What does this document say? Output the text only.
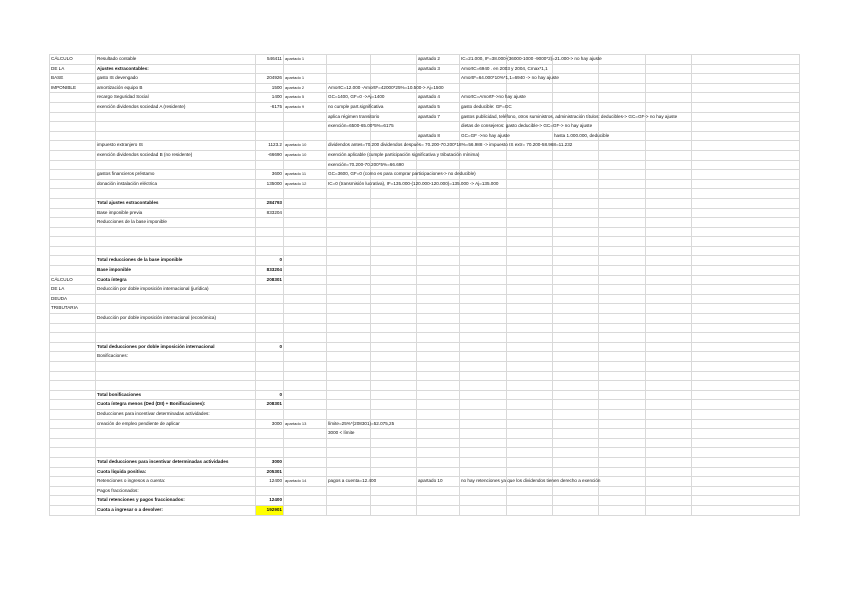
CÁLCULO	Resultado contable	546411	apartado 1			apartado 2	IC=21.000, IF=38.000-(36000-1000 -9000*2)=21.000-> no hay ajuste					
DE LA	Ajustes extracontables:					apartado 3	AmortC=6940 . en 2003 y 2004, Cmax*1,1					
BASE	gasto IS devengado	204926	apartado 1				AmortF=64.000*10%*1,1=6940 -> no hay ajuste					
IMPONIBLE	amortización equipo B	1500	apartado 2	AmortC=12.000 -AmortF=42000*25%=10.500-> Aj=1500								
	recargo Seguridad Social	1400	apartado 5	GC=1400, GF=0 ->Aj=1400		apartado 4	AmortC=AmortF->no hay ajuste					
	exención dividendos sociedad A (residente)	-6175	apartado 9	no cumple part.significativa		apartado 5	gasto deducible: GF=GC					
				aplica régimen transitorio		apartado 7	gastos publicidad, teléfono, otros suministros, administración títulos: deducibles-> GC=GF-> no hay ajuste					
				exención=6500-65.00*5%=6175			dietas de consejeros: gasto deducible-> GC=GF-> no hay ajuste					
						apartado 8	GC=GF ->no hay ajuste		hasta 1.000.000, deducible			
	impuesto extranjero IS	1123.2	apartado 10	dividendos antes=70.200 dividendos después= 70.200-70.200*18%=56.988 -> impuesto IS extr= 70.200-58.968=11.232								
	exención dividendos sociedad B (no residente)	-66690	apartado 10	exención aplicable (cumple participación significativa y tributación mínima)								
				exención=70.200-70.200*5%=66.690								
	gastos financieros préstamo	3600	apartado 11	GC=3600, GF=0 (como es para comprar participaciones-> no deducible)								
	donación instalación eléctrica	135000	apartado 12	IC=0 (transmisión lucrativa), IF=135.000-(120.000-120.000)=135.000 -> Aj=135.000								

	Total ajustes extracontables	284793										
	Base imponible previa	833204										
	Reducciones de la base imponible											

	Total reducciones de la base imponible	0										
	Base imponible	833204										
CÁLCULO	Cuota íntegra	208301										
DE LA	Deducción por doble imposición internacional (jurídica)											
DEUDA												
TRIBUTARIA												
	Deducción por doble imposición internacional (económica)											

	Total deducciones por doble imposición internacional	0										
	Bonificaciones:											

	Total bonificaciones	0										
	Cuota íntegra menos (Ded (DII) + Bonificaciones):	208301										
	Deducciones para incentivar determinadas actividades:											
	creación de empleo pendiente de aplicar	3000	apartado 13	límite=25%*(208301)=52.075,25								
				3000 < límite								

	Total deducciones para incentivar determinadas actividades	3000										
	Cuota líquida positiva:	205301										
	Retenciones o ingresos a cuenta:	12400	apartado 14	pagos a cuenta=12.400		apartado 10	no hay retenciones ya que los dividendos tienen derecho a exención					
	Pagos fraccionados:											
	Total retenciones y pagos fraccionados:	12400										
	Cuota a ingresar o a devolver:	192901										
